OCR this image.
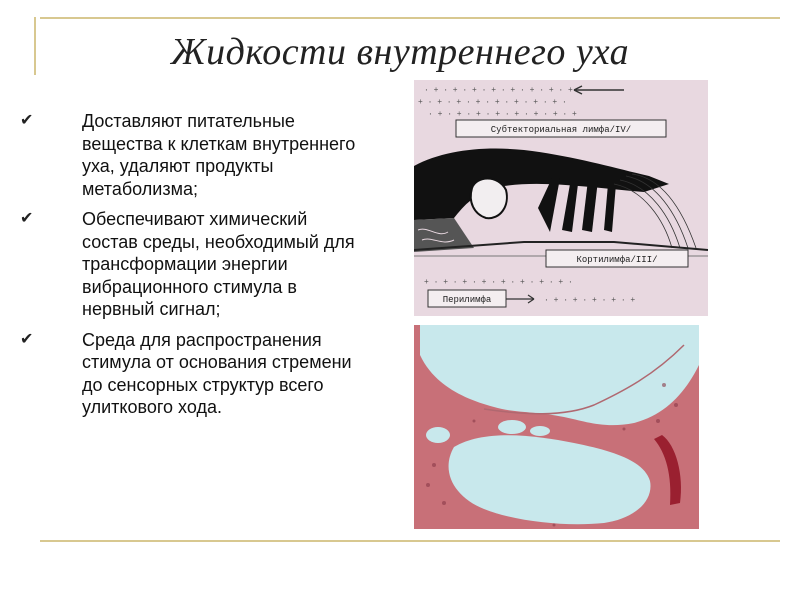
Жидкости внутреннего уха
✔	Доставляют питательные вещества к клеткам внутреннего уха, удаляют продукты метаболизма;
✔	Обеспечивают химический состав среды, необходимый для трансформации энергии вибрационного стимула в нервный сигнал;
✔	Среда для распространения стимула от основания стремени до сенсорных структур всего улиткового хода.
· + · + · + · + · + · + · + · +
+ · + · + · + · + · + · + · + ·
· + · + · + · + · + · + · + · +
Субтекториальная лимфа/IV/
Кортилимфа/III/
Перилимфа	· + · + · + · + · +
+ · + · + · + · + · + · + · + ·
